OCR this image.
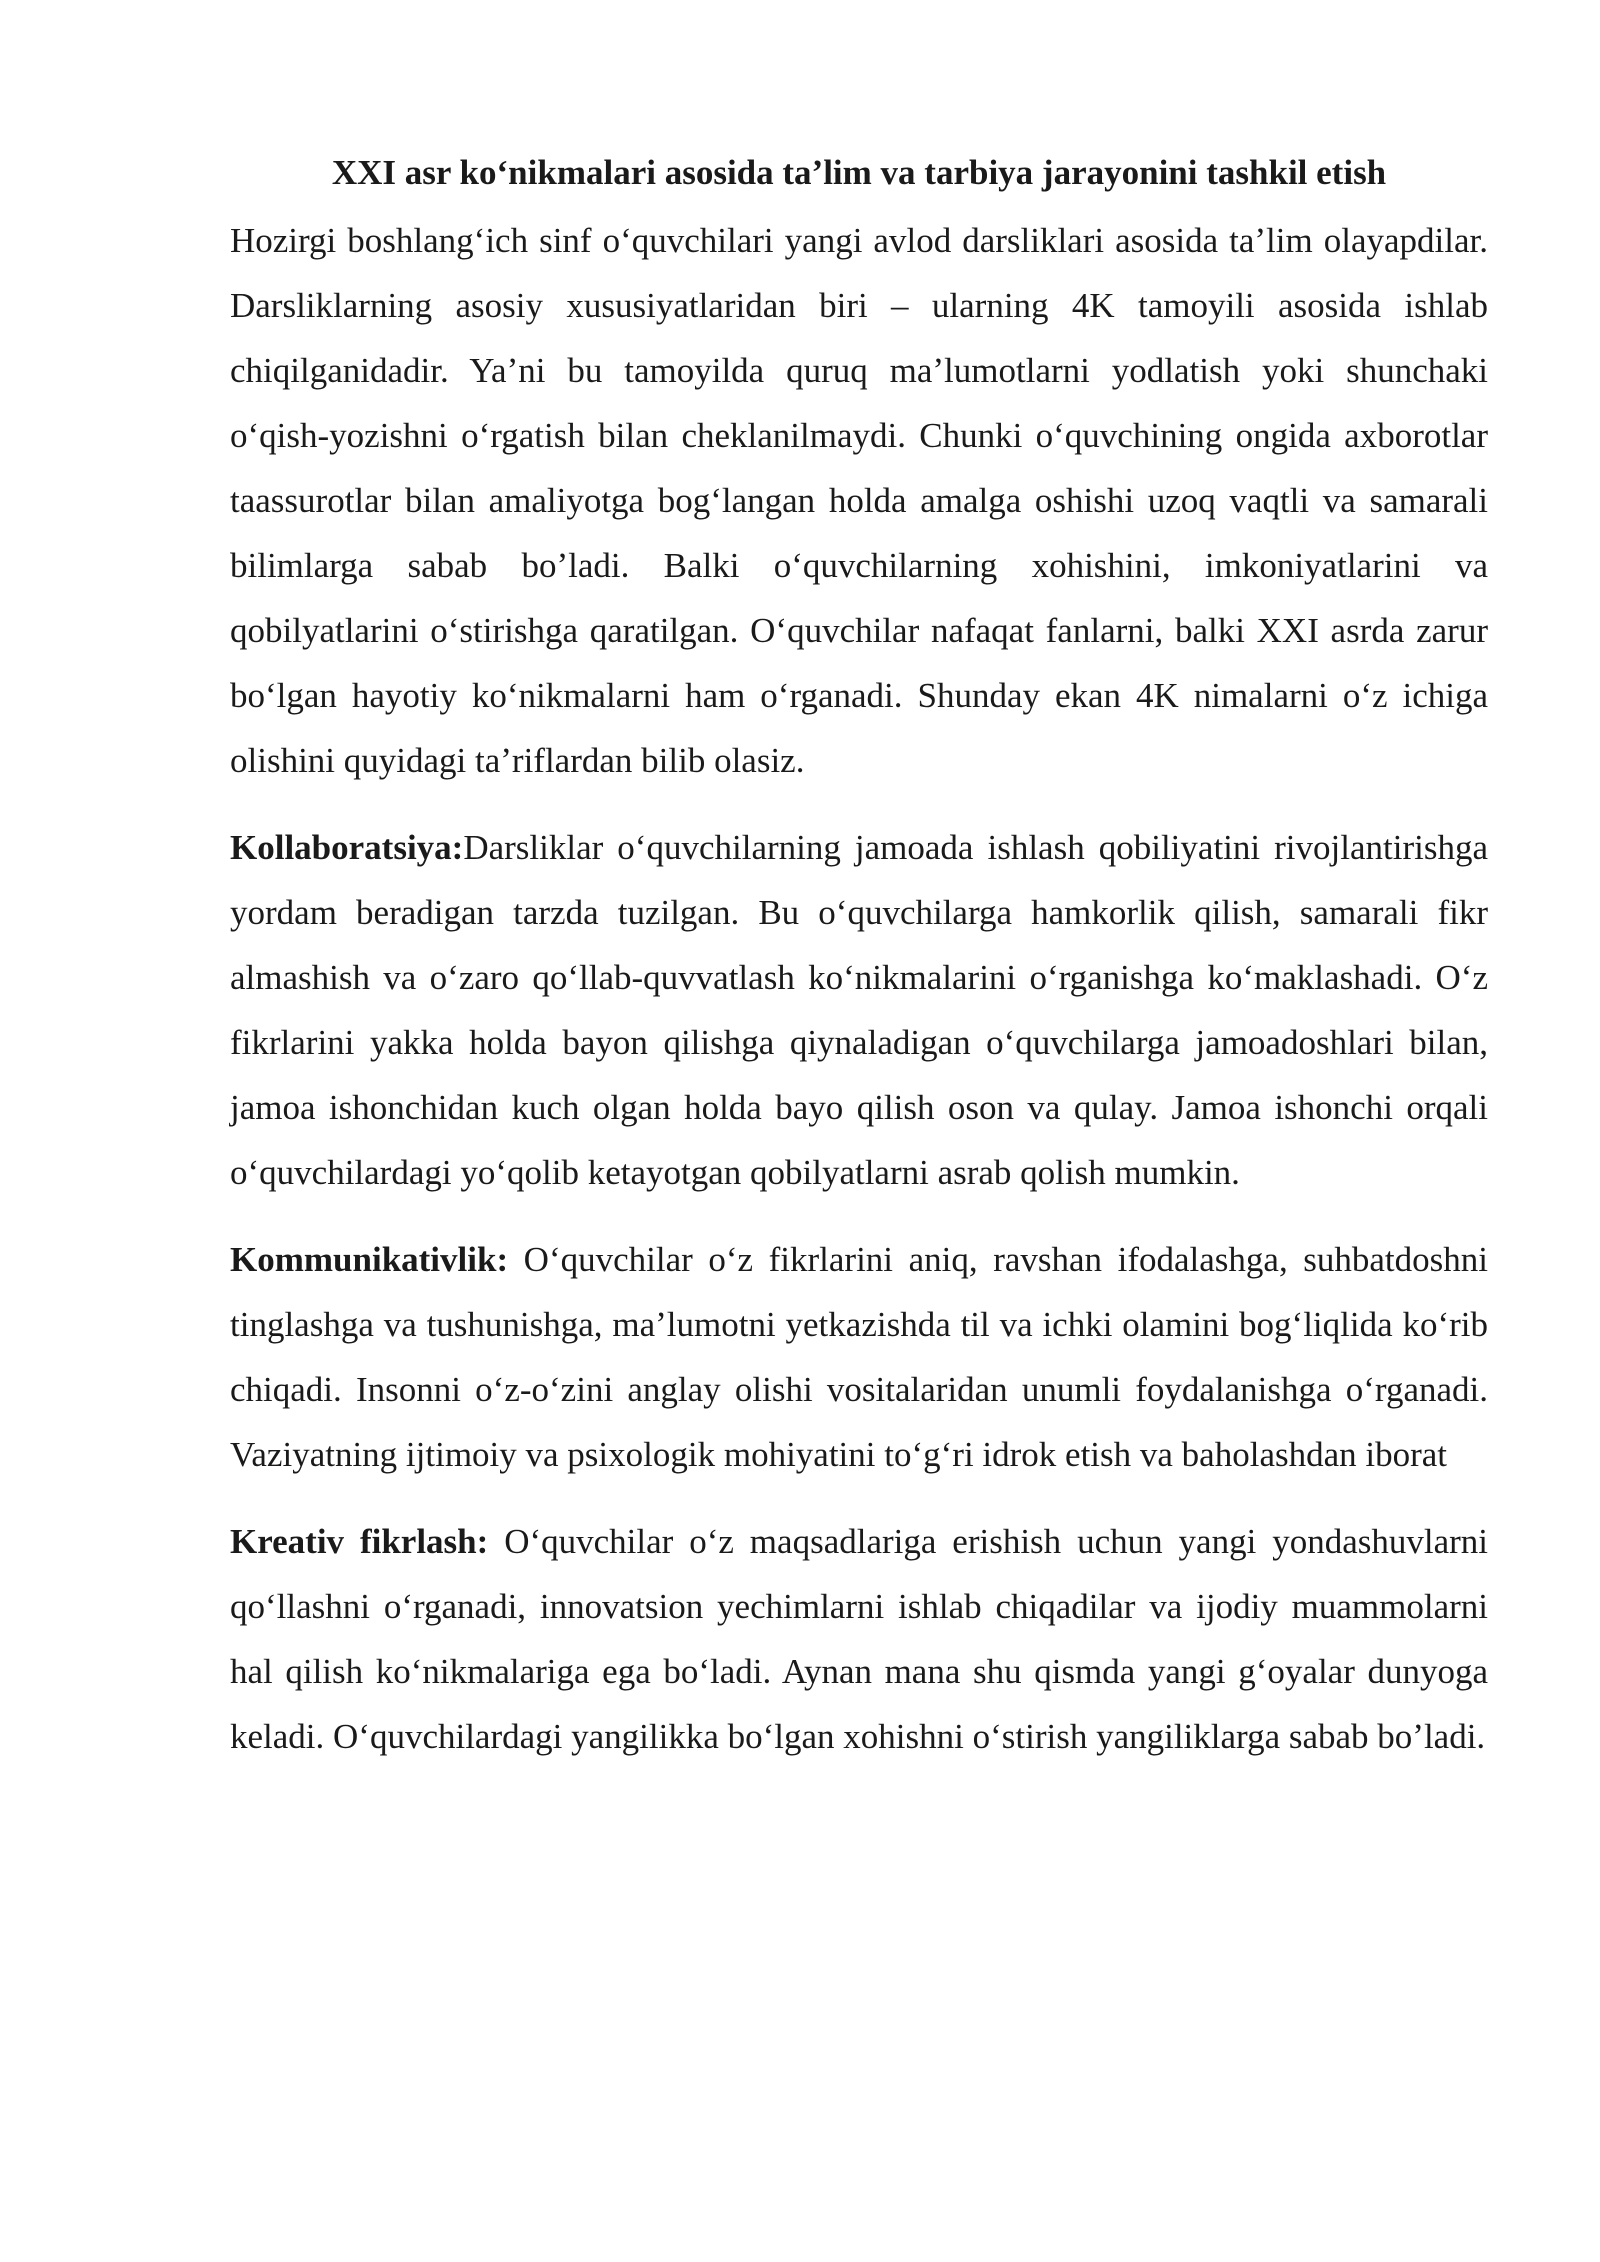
XXI asr koʻnikmalari asosida taʼlim va tarbiya jarayonini tashkil etish
Hozirgi boshlangʻich sinf oʻquvchilari yangi avlod darsliklari asosida taʼlim olayapdilar. Darsliklarning asosiy xususiyatlaridan biri – ularning 4K tamoyili asosida ishlab chiqilganidadir. Yaʼni bu tamoyilda quruq maʼlumotlarni yodlatish yoki shunchaki oʻqish-yozishni oʻrgatish bilan cheklanilmaydi. Chunki oʻquvchining ongida axborotlar taassurotlar bilan amaliyotga bogʻlangan holda amalga oshishi uzoq vaqtli va samarali bilimlarga sabab boʼladi. Balki oʻquvchilarning xohishini, imkoniyatlarini va qobilyatlarini oʻstirishga qaratilgan. Oʻquvchilar nafaqat fanlarni, balki XXI asrda zarur boʻlgan hayotiy koʻnikmalarni ham oʻrganadi. Shunday ekan 4K nimalarni oʻz ichiga olishini quyidagi taʼriflardan bilib olasiz.
Kollaboratsiya:Darsliklar oʻquvchilarning jamoada ishlash qobiliyatini rivojlantirishga yordam beradigan tarzda tuzilgan. Bu oʻquvchilarga hamkorlik qilish, samarali fikr almashish va oʻzaro qoʻllab-quvvatlash koʻnikmalarini oʻrganishga koʻmaklashadi. Oʻz fikrlarini yakka holda bayon qilishga qiynaladigan oʻquvchilarga jamoadoshlari bilan, jamoa ishonchidan kuch olgan holda bayo qilish oson va qulay. Jamoa ishonchi orqali oʻquvchilardagi yoʻqolib ketayotgan qobilyatlarni asrab qolish mumkin.
Kommunikativlik: Oʻquvchilar oʻz fikrlarini aniq, ravshan ifodalashga, suhbatdoshni tinglashga va tushunishga, maʼlumotni yetkazishda til va ichki olamini bogʻliqlida koʻrib chiqadi. Insonni oʻz-oʻzini anglay olishi vositalaridan unumli foydalanishga oʻrganadi. Vaziyatning ijtimoiy va psixologik mohiyatini toʻgʻri idrok etish va baholashdan iborat
Kreativ fikrlash: Oʻquvchilar oʻz maqsadlariga erishish uchun yangi yondashuvlarni qoʻllashni oʻrganadi, innovatsion yechimlarni ishlab chiqadilar va ijodiy muammolarni hal qilish koʻnikmalariga ega boʻladi. Aynan mana shu qismda yangi gʻoyalar dunyoga keladi. Oʻquvchilardagi yangilikka boʻlgan xohishni oʻstirish yangiliklarga sabab boʼladi.
